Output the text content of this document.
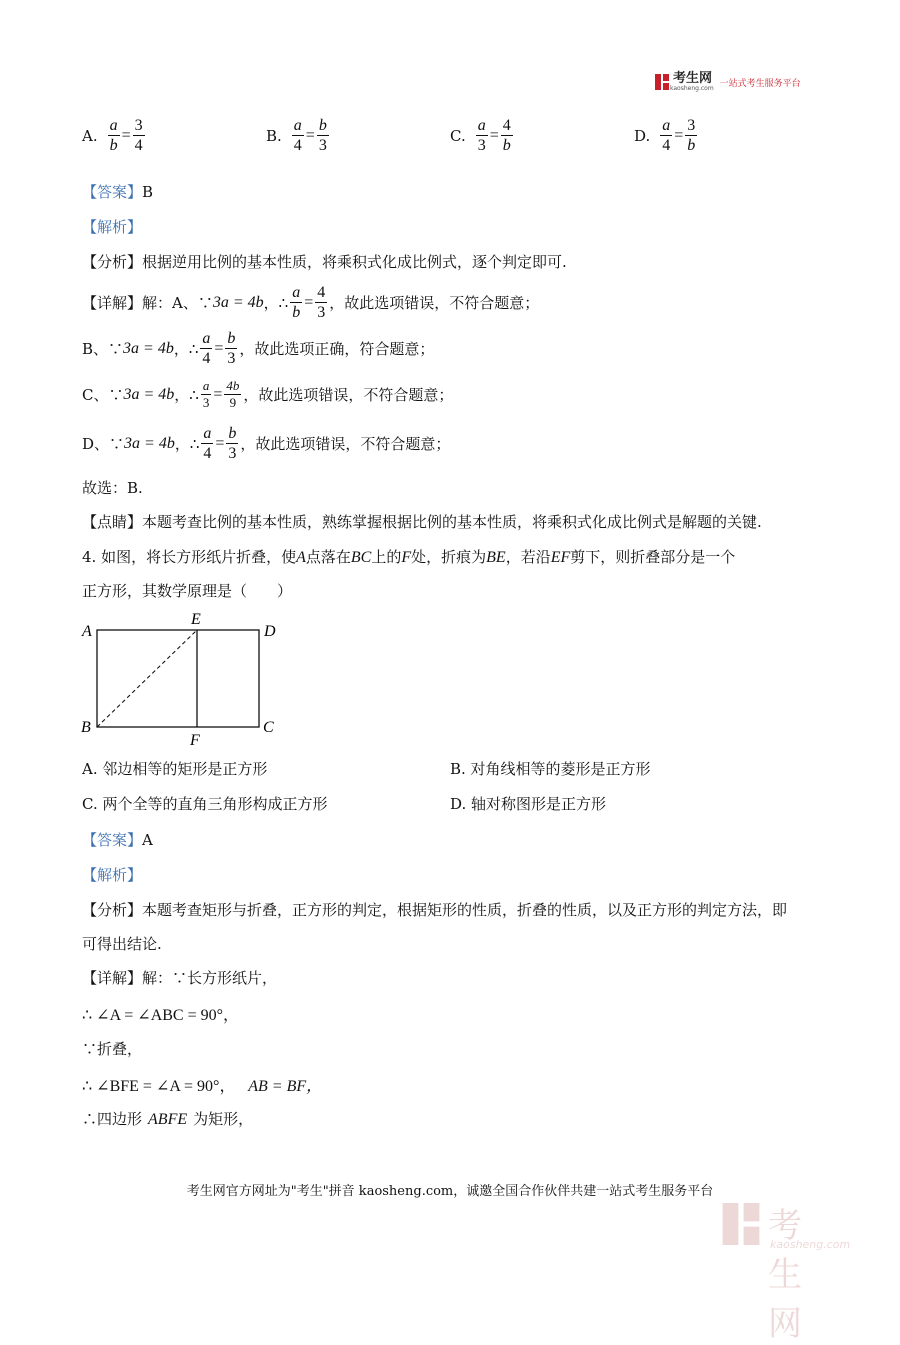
考生网
kaosheng.com 一站式考生服务平台
A. $\frac{a}{b} = \frac{3}{4}$	B. $\frac{a}{4} = \frac{b}{3}$	C. $\frac{a}{3} = \frac{4}{b}$	D. $\frac{a}{4} = \frac{3}{b}$
【答案】B
【解析】
【分析】根据逆用比例的基本性质，将乘积式化成比例式，逐个判定即可.
【详解】 解：A、∵ 3a = 4b ， ∴ $\frac{a}{b} = \frac{4}{3}$ ，故此选项错误，不符合题意；
B、∵ 3a = 4b ， ∴ $\frac{a}{4} = \frac{b}{3}$ ，故此选项正确，符合题意；
C、∵ 3a = 4b ， ∴ $\frac{a}{3} = \frac{4b}{9}$ ，故此选项错误，不符合题意；
D、∵ 3a = 4b ， ∴ $\frac{a}{4} = \frac{b}{3}$ ，故此选项错误，不符合题意；
故选：B.
【点睛】本题考查比例的基本性质，熟练掌握根据比例的基本性质，将乘积式化成比例式是解题的关键.
4. 如图，将长方形纸片折叠，使A点落在BC上的F处，折痕为BE，若沿EF剪下，则折叠部分是一个
正方形，其数学原理是（　　）
A
E
D
B
F
C
A. 邻边相等的矩形是正方形	B. 对角线相等的菱形是正方形
C. 两个全等的直角三角形构成正方形	D. 轴对称图形是正方形
【答案】A
【解析】
【分析】本题考查矩形与折叠，正方形的判定，根据矩形的性质，折叠的性质，以及正方形的判定方法，即
可得出结论.
【详解】解：∵长方形纸片，
∴ ∠A = ∠ABC = 90°，
∵折叠，
∴ ∠BFE = ∠A = 90°， AB = BF，
∴四边形 ABFE 为矩形，
考生网官方网址为"考生"拼音 kaosheng.com，诚邀全国合作伙伴共建一站式考生服务平台
考生网
kaosheng.com
